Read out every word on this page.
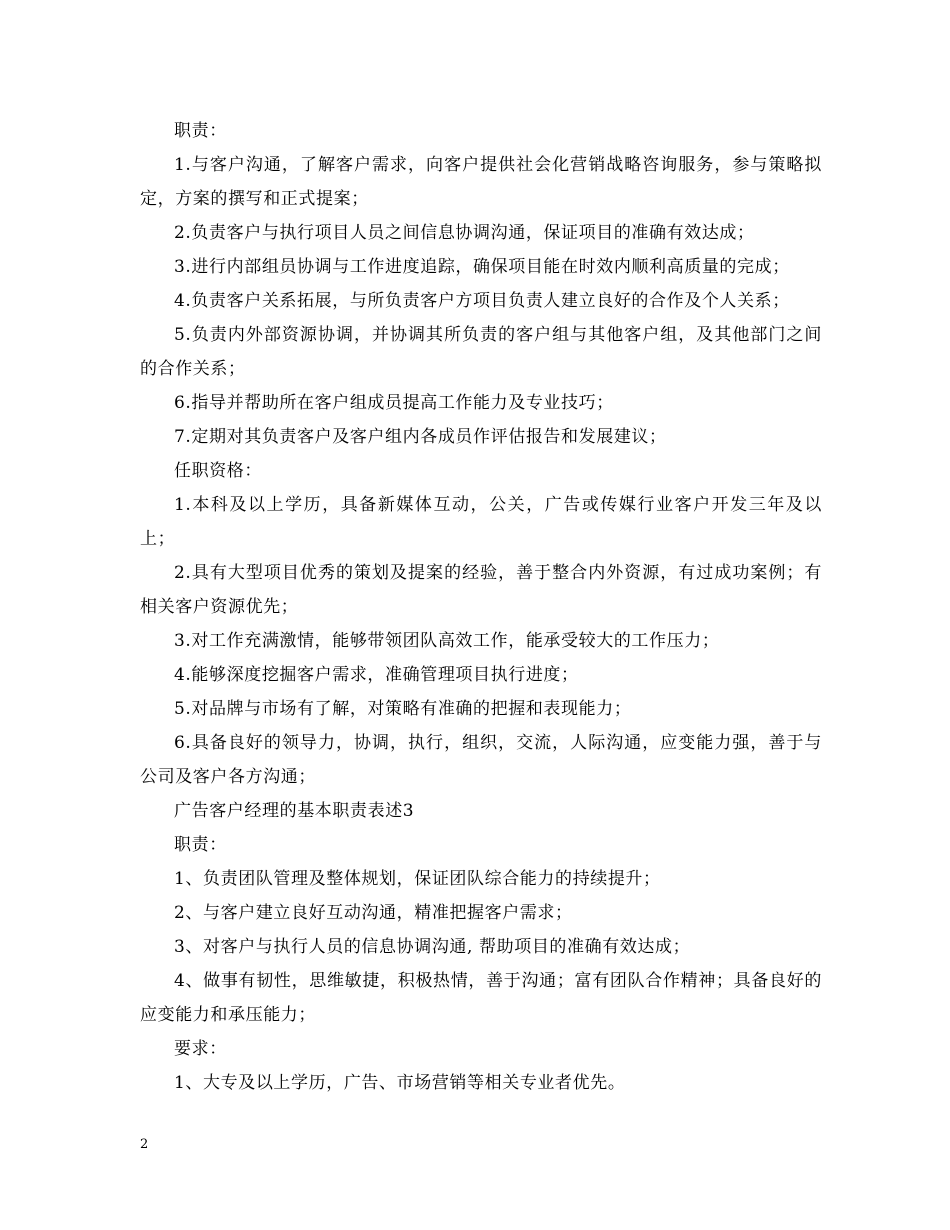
职责：

1.与客户沟通，了解客户需求，向客户提供社会化营销战略咨询服务，参与策略拟定，方案的撰写和正式提案；

2.负责客户与执行项目人员之间信息协调沟通，保证项目的准确有效达成；

3.进行内部组员协调与工作进度追踪，确保项目能在时效内顺利高质量的完成；

4.负责客户关系拓展，与所负责客户方项目负责人建立良好的合作及个人关系；

5.负责内外部资源协调，并协调其所负责的客户组与其他客户组，及其他部门之间的合作关系；

6.指导并帮助所在客户组成员提高工作能力及专业技巧；

7.定期对其负责客户及客户组内各成员作评估报告和发展建议；

任职资格：

1.本科及以上学历，具备新媒体互动，公关，广告或传媒行业客户开发三年及以上；

2.具有大型项目优秀的策划及提案的经验，善于整合内外资源，有过成功案例；有相关客户资源优先；

3.对工作充满激情，能够带领团队高效工作，能承受较大的工作压力；

4.能够深度挖掘客户需求，准确管理项目执行进度；

5.对品牌与市场有了解，对策略有准确的把握和表现能力；

6.具备良好的领导力，协调，执行，组织，交流，人际沟通，应变能力强，善于与公司及客户各方沟通；

广告客户经理的基本职责表述3

职责：

1、负责团队管理及整体规划，保证团队综合能力的持续提升；

2、与客户建立良好互动沟通，精准把握客户需求；

3、对客户与执行人员的信息协调沟通, 帮助项目的准确有效达成；

4、做事有韧性，思维敏捷，积极热情，善于沟通；富有团队合作精神；具备良好的应变能力和承压能力；

要求：

1、大专及以上学历，广告、市场营销等相关专业者优先。

2
